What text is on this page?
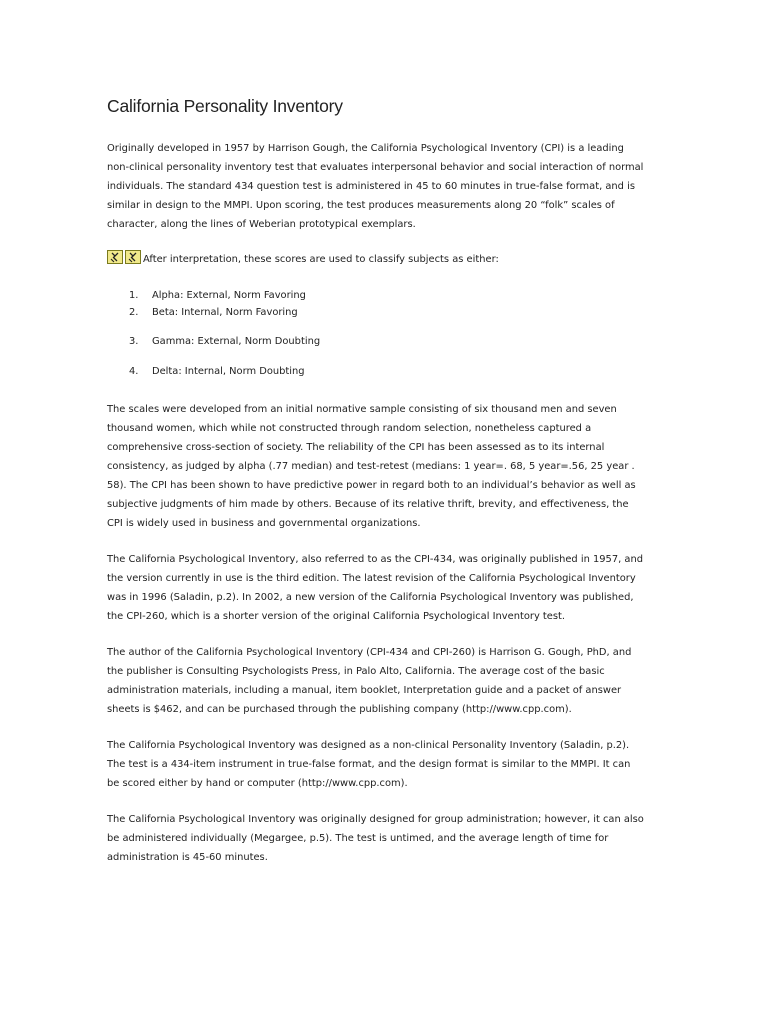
California Personality Inventory

Originally developed in 1957 by Harrison Gough, the California Psychological Inventory (CPI) is a leading
non-clinical personality inventory test that evaluates interpersonal behavior and social interaction of normal
individuals. The standard 434 question test is administered in 45 to 60 minutes in true-false format, and is
similar in design to the MMPI. Upon scoring, the test produces measurements along 20 “folk” scales of
character, along the lines of Weberian prototypical exemplars.

After interpretation, these scores are used to classify subjects as either:
1. Alpha: External, Norm Favoring
2. Beta: Internal, Norm Favoring
3. Gamma: External, Norm Doubting
4. Delta: Internal, Norm Doubting

The scales were developed from an initial normative sample consisting of six thousand men and seven
thousand women, which while not constructed through random selection, nonetheless captured a
comprehensive cross-section of society. The reliability of the CPI has been assessed as to its internal
consistency, as judged by alpha (.77 median) and test-retest (medians: 1 year=. 68, 5 year=.56, 25 year .
58). The CPI has been shown to have predictive power in regard both to an individual’s behavior as well as
subjective judgments of him made by others. Because of its relative thrift, brevity, and effectiveness, the
CPI is widely used in business and governmental organizations.

The California Psychological Inventory, also referred to as the CPI-434, was originally published in 1957, and
the version currently in use is the third edition. The latest revision of the California Psychological Inventory
was in 1996 (Saladin, p.2). In 2002, a new version of the California Psychological Inventory was published,
the CPI-260, which is a shorter version of the original California Psychological Inventory test.

The author of the California Psychological Inventory (CPI-434 and CPI-260) is Harrison G. Gough, PhD, and
the publisher is Consulting Psychologists Press, in Palo Alto, California. The average cost of the basic
administration materials, including a manual, item booklet, Interpretation guide and a packet of answer
sheets is $462, and can be purchased through the publishing company (http://www.cpp.com).

The California Psychological Inventory was designed as a non-clinical Personality Inventory (Saladin, p.2).
The test is a 434-item instrument in true-false format, and the design format is similar to the MMPI. It can
be scored either by hand or computer (http://www.cpp.com).

The California Psychological Inventory was originally designed for group administration; however, it can also
be administered individually (Megargee, p.5). The test is untimed, and the average length of time for
administration is 45-60 minutes.
